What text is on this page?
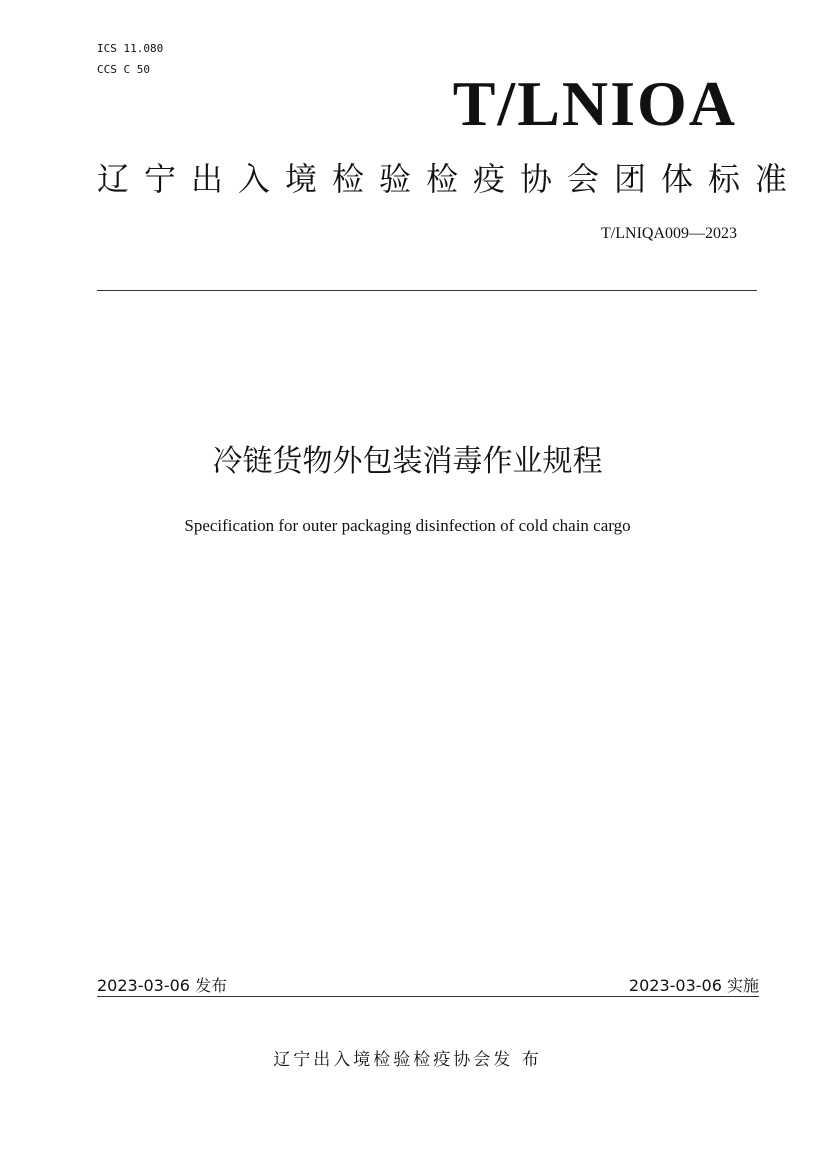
ICS 11.080
CCS C 50	T/LNIOA
辽宁出入境检验检疫协会团体标准
T/LNIQA009—2023
冷链货物外包装消毒作业规程
Specification for outer packaging disinfection of cold chain cargo
2023-03-06 发布	2023-03-06 实施
辽宁出入境检验检疫协会发 布
